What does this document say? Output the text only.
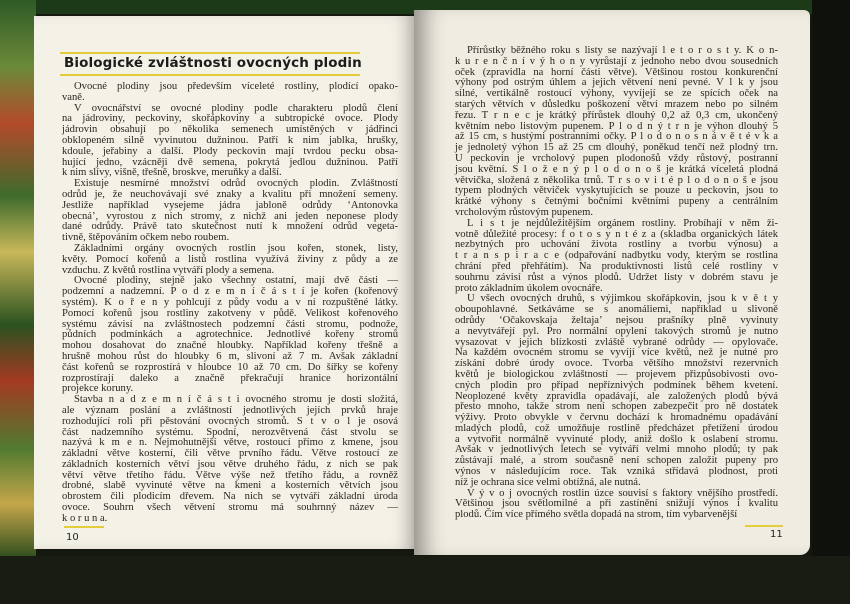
Biologické zvláštnosti ovocných plodin
Ovocné plodiny jsou především víceleté rostliny, plodící opako-
vaně.
V ovocnářství se ovocné plodiny podle charakteru plodů člení
na jádroviny, peckoviny, skořápkoviny a subtropické ovoce. Plody
jádrovin obsahují po několika semenech umístěných v jádřinci
obklopeném silně vyvinutou dužninou. Patří k nim jablka, hrušky,
kdoule, jeřabiny a další. Plody peckovin mají tvrdou pecku obsa-
hující jedno, vzácněji dvě semena, pokrytá jedlou dužninou. Patří
k nim slívy, višně, třešně, broskve, meruňky a další.
Existuje nesmírné množství odrůd ovocných plodin. Zvláštností
odrůd je, že neuchovávají své znaky a kvalitu při množení semeny.
Jestliže například vysejeme jádra jabloně odrůdy ‘Antonovka
obecná’, vyrostou z nich stromy, z nichž ani jeden neponese plody
dané odrůdy. Právě tato skutečnost nutí k množení odrůd vegeta-
tivně, štěpováním očkem nebo roubem.
Základními orgány ovocných rostlin jsou kořen, stonek, listy,
květy. Pomocí kořenů a listů rostlina využívá živiny z půdy a ze
vzduchu. Z květů rostlina vytváří plody a semena.
Ovocné plodiny, stejně jako všechny ostatní, mají dvě části —
podzemní a nadzemní. P o d z e m n í č á s t í je kořen (kořenový
systém). K o ř e n y pohlcují z půdy vodu a v ní rozpuštěné látky.
Pomocí kořenů jsou rostliny zakotveny v půdě. Velikost kořenového
systému závisí na zvláštnostech podzemní části stromu, podnože,
půdních podmínkách a agrotechnice. Jednotlivé kořeny stromů
mohou dosahovat do značné hloubky. Například kořeny třešně a
hrušně mohou růst do hloubky 6 m, slivoní až 7 m. Avšak základní
část kořenů se rozprostírá v hloubce 10 až 70 cm. Do šířky se kořeny
rozprostírají daleko a značně překračují hranice horizontální
projekce koruny.
Stavba n a d z e m n í č á s t i ovocného stromu je dosti složitá,
ale význam poslání a zvláštností jednotlivých jejích prvků hraje
rozhodující roli při pěstování ovocných stromů. S t v o l je osová
část nadzemního systému. Spodní, nerozvětvená část stvolu se
nazývá k m e n. Nejmohutnější větve, rostoucí přímo z kmene, jsou
základní větve kosterní, čili větve prvního řádu. Větve rostoucí ze
základních kosterních větví jsou větve druhého řádu, z nich se pak
větví větve třetího řádu. Větve výše než třetího řádu, a rovněž
drobné, slabě vyvinuté větve na kmeni a kosterních větvích jsou
obrostem čili plodicím dřevem. Na nich se vytváří základní úroda
ovoce. Souhrn všech větvení stromu má souhrnný název —
k o r u n a.
Přírůstky běžného roku s listy se nazývají l e t o r o s t y. K o n-
k u r e n č n í v ý h o n y vyrůstají z jednoho nebo dvou sousedních
oček (zpravidla na horní části větve). Většinou rostou konkurenční
výhony pod ostrým úhlem a jejich větvení není pevné. V l k y jsou
silné, vertikálně rostoucí výhony, vyvíjejí se ze spících oček na
starých větvích v důsledku poškození větví mrazem nebo po silném
řezu. T r n e c je krátký přírůstek dlouhý 0,2 až 0,3 cm, ukončený
květním nebo listovým pupenem. P l o d n ý t r n je výhon dlouhý 5
až 15 cm, s hustými postranními očky. P l o d o n o s n á v ě t é v k a
je jednoletý výhon 15 až 25 cm dlouhý, poněkud tenčí než plodný trn.
U peckovin je vrcholový pupen plodonošů vždy růstový, postranní
jsou květní. S l o ž e n ý p l o d o n o š je krátká víceletá plodná
větvička, složená z několika trnů. T r s o v i t é p l o d o n o š e jsou
typem plodných větviček vyskytujících se pouze u peckovin, jsou to
krátké výhony s četnými bočními květními pupeny a centrálním
vrcholovým růstovým pupenem.
L i s t je nejdůležitějším orgánem rostliny. Probíhají v něm ži-
votně důležité procesy: f o t o s y n t é z a (skladba organických látek
nezbytných pro uchování života rostliny a tvorbu výnosu) a
t r a n s p i r a c e (odpařování nadbytku vody, kterým se rostlina
chrání před přehřátím). Na produktivnosti listů celé rostliny v
souhrnu závisí růst a výnos plodů. Udržet listy v dobrém stavu je
proto základním úkolem ovocnáře.
U všech ovocných druhů, s výjimkou skořápkovin, jsou k v ě t y
oboupohlavné. Setkáváme se s anomáliemi, například u slivoně
odrůdy ‘Očakovskaja želtaja’ nejsou prašníky plně vyvinuty
a nevytvářejí pyl. Pro normální opylení takových stromů je nutno
vysazovat v jejich blízkosti zvláště vybrané odrůdy — opylovače.
Na každém ovocném stromu se vyvíjí více květů, než je nutné pro
získání dobré úrody ovoce. Tvorba většího množství rezervních
květů je biologickou zvláštností — projevem přizpůsobivosti ovo-
cných plodin pro případ nepříznivých podmínek během kvetení.
Neoplozené květy zpravidla opadávají, ale založených plodů bývá
přesto mnoho, takže strom není schopen zabezpečit pro ně dostatek
výživy. Proto obvykle v červnu dochází k hromadnému opadávání
mladých plodů, což umožňuje rostlině předcházet přetížení úrodou
a vytvořit normálně vyvinuté plody, aniž došlo k oslabení stromu.
Avšak v jednotlivých letech se vytváří velmi mnoho plodů; ty pak
zůstávají malé, a strom současně není schopen založit pupeny pro
výnos v následujícím roce. Tak vzniká střídavá plodnost, proti
níž je ochrana sice velmi obtížná, ale nutná.
V ý v o j ovocných rostlin úzce souvisí s faktory vnějšího prostředí.
Většinou jsou světlomilné a při zastínění snižují výnos i kvalitu
plodů. Čím více přímého světla dopadá na strom, tím vybarvenější
10	11
